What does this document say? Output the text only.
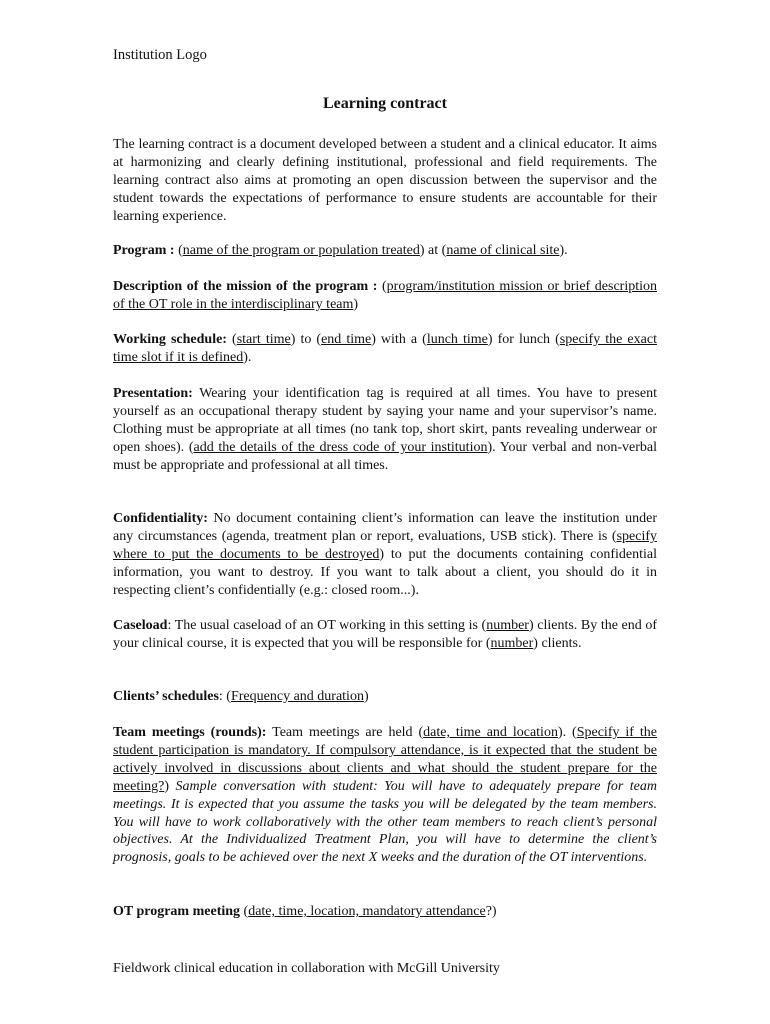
Institution Logo
Learning contract

The learning contract is a document developed between a student and a clinical educator. It aims at harmonizing and clearly defining institutional, professional and field requirements. The learning contract also aims at promoting an open discussion between the supervisor and the student towards the expectations of performance to ensure students are accountable for their learning experience.

Program : (name of the program or population treated) at (name of clinical site).

Description of the mission of the program : (program/institution mission or brief description of the OT role in the interdisciplinary team)

Working schedule: (start time) to (end time) with a (lunch time) for lunch (specify the exact time slot if it is defined).

Presentation: Wearing your identification tag is required at all times. You have to present yourself as an occupational therapy student by saying your name and your supervisor’s name. Clothing must be appropriate at all times (no tank top, short skirt, pants revealing underwear or open shoes). (add the details of the dress code of your institution). Your verbal and non-verbal must be appropriate and professional at all times.

Confidentiality: No document containing client’s information can leave the institution under any circumstances (agenda, treatment plan or report, evaluations, USB stick). There is (specify where to put the documents to be destroyed) to put the documents containing confidential information, you want to destroy. If you want to talk about a client, you should do it in respecting client’s confidentially (e.g.: closed room...).

Caseload: The usual caseload of an OT working in this setting is (number) clients. By the end of your clinical course, it is expected that you will be responsible for (number) clients.

Clients’ schedules: (Frequency and duration)

Team meetings (rounds): Team meetings are held (date, time and location). (Specify if the student participation is mandatory. If compulsory attendance, is it expected that the student be actively involved in discussions about clients and what should the student prepare for the meeting?) Sample conversation with student: You will have to adequately prepare for team meetings. It is expected that you assume the tasks you will be delegated by the team members. You will have to work collaboratively with the other team members to reach client’s personal objectives. At the Individualized Treatment Plan, you will have to determine the client’s prognosis, goals to be achieved over the next X weeks and the duration of the OT interventions.

OT program meeting (date, time, location, mandatory attendance?)

Fieldwork clinical education in collaboration with McGill University
